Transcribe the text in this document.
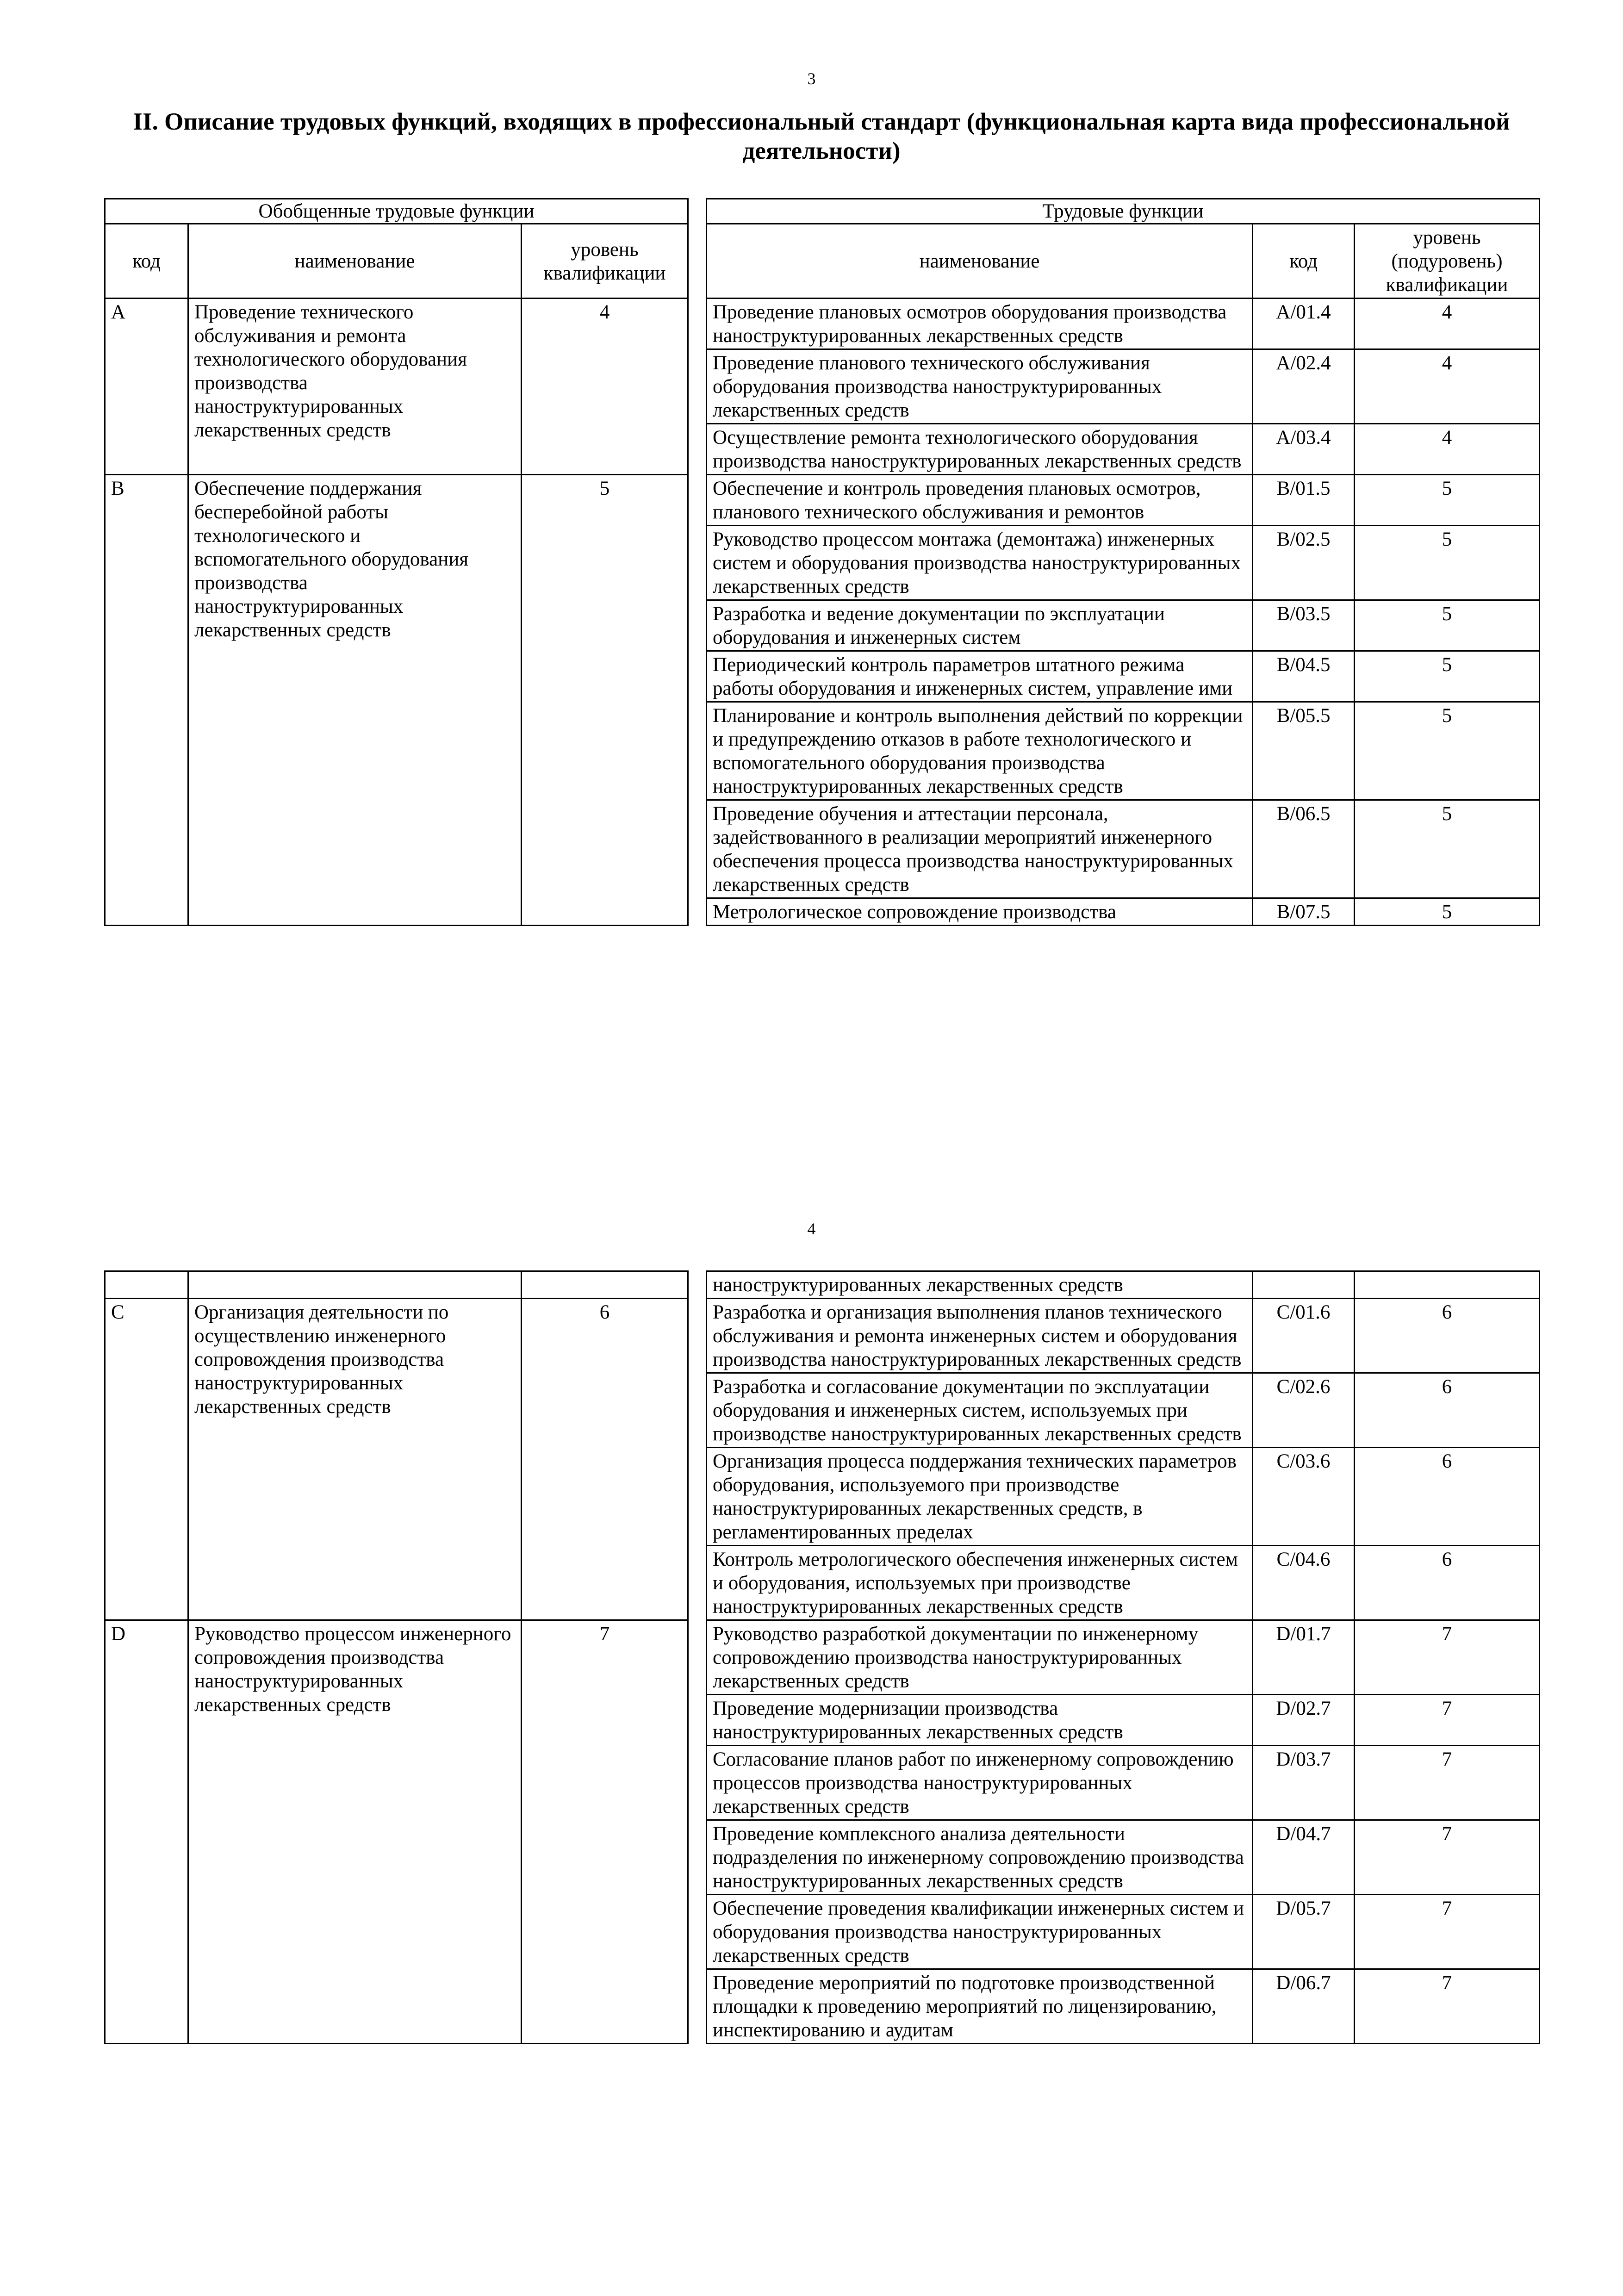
3
II. Описание трудовых функций, входящих в профессиональный стандарт (функциональная карта вида профессиональной деятельности)
Обобщенные трудовые функции				Трудовые функции		
код	наименование	уровень квалификации		наименование	код	уровень (подуровень) квалификации
A	Проведение технического обслуживания и ремонта технологического оборудования производства наноструктурированных лекарственных средств	4		Проведение плановых осмотров оборудования производства наноструктурированных лекарственных средств	A/01.4	4
				Проведение планового технического обслуживания оборудования производства наноструктурированных лекарственных средств	A/02.4	4
				Осуществление ремонта технологического оборудования производства наноструктурированных лекарственных средств	A/03.4	4
B	Обеспечение поддержания бесперебойной работы технологического и вспомогательного оборудования производства наноструктурированных лекарственных средств	5		Обеспечение и контроль проведения плановых осмотров, планового технического обслуживания и ремонтов	B/01.5	5
				Руководство процессом монтажа (демонтажа) инженерных систем и оборудования производства наноструктурированных лекарственных средств	B/02.5	5
				Разработка и ведение документации по эксплуатации оборудования и инженерных систем	B/03.5	5
				Периодический контроль параметров штатного режима работы оборудования и инженерных систем, управление ими	B/04.5	5
				Планирование и контроль выполнения действий по коррекции и предупреждению отказов в работе технологического и вспомогательного оборудования производства наноструктурированных лекарственных средств	B/05.5	5
				Проведение обучения и аттестации персонала, задействованного в реализации мероприятий инженерного обеспечения процесса производства наноструктурированных лекарственных средств	B/06.5	5
				Метрологическое сопровождение производства	B/07.5	5
4
				наноструктурированных лекарственных средств		
C	Организация деятельности по осуществлению инженерного сопровождения производства наноструктурированных лекарственных средств	6		Разработка и организация выполнения планов технического обслуживания и ремонта инженерных систем и оборудования производства наноструктурированных лекарственных средств	C/01.6	6
				Разработка и согласование документации по эксплуатации оборудования и инженерных систем, используемых при производстве наноструктурированных лекарственных средств	C/02.6	6
				Организация процесса поддержания технических параметров оборудования, используемого при производстве наноструктурированных лекарственных средств, в регламентированных пределах	C/03.6	6
				Контроль метрологического обеспечения инженерных систем и оборудования, используемых при производстве наноструктурированных лекарственных средств	C/04.6	6
D	Руководство процессом инженерного сопровождения производства наноструктурированных лекарственных средств	7		Руководство разработкой документации по инженерному сопровождению производства наноструктурированных лекарственных средств	D/01.7	7
				Проведение модернизации производства наноструктурированных лекарственных средств	D/02.7	7
				Согласование планов работ по инженерному сопровождению процессов производства наноструктурированных лекарственных средств	D/03.7	7
				Проведение комплексного анализа деятельности подразделения по инженерному сопровождению производства наноструктурированных лекарственных средств	D/04.7	7
				Обеспечение проведения квалификации инженерных систем и оборудования производства наноструктурированных лекарственных средств	D/05.7	7
				Проведение мероприятий по подготовке производственной площадки к проведению мероприятий по лицензированию, инспектированию и аудитам	D/06.7	7
